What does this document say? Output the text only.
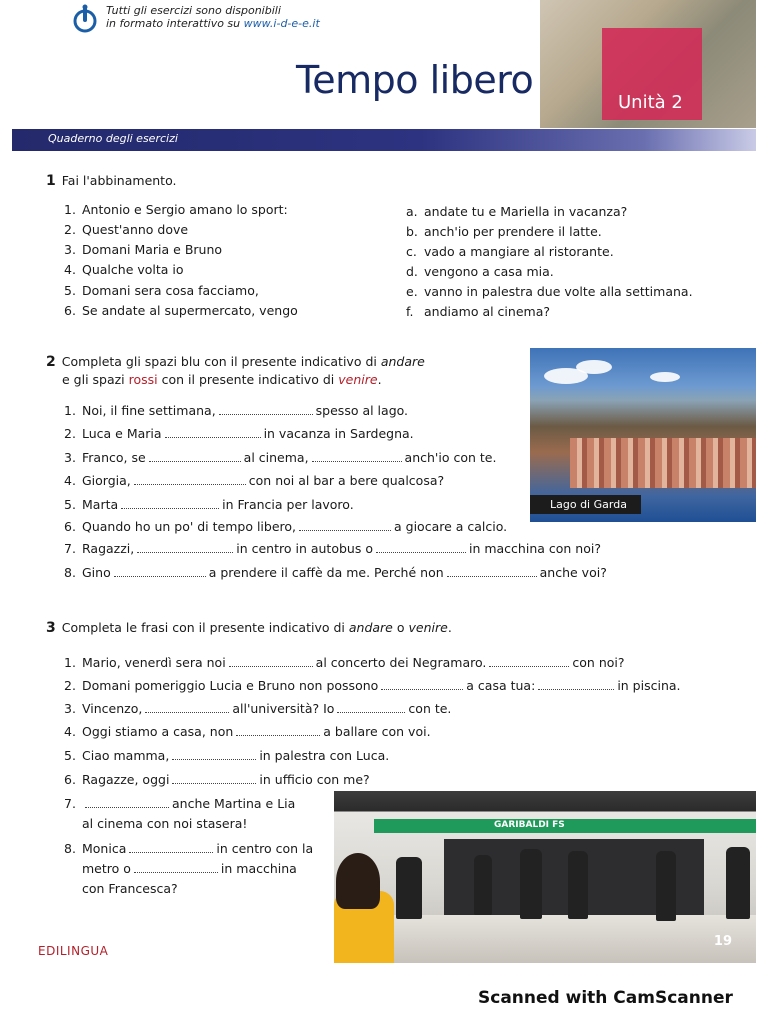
Tutti gli esercizi sono disponibili
in formato interattivo su www.i-d-e-e.it
Tempo libero
Unità 2
Quaderno degli esercizi
1 Fai l'abbinamento.
1. Antonio e Sergio amano lo sport:
2. Quest'anno dove
3. Domani Maria e Bruno
4. Qualche volta io
5. Domani sera cosa facciamo,
6. Se andate al supermercato, vengo
a. andate tu e Mariella in vacanza?
b. anch'io per prendere il latte.
c. vado a mangiare al ristorante.
d. vengono a casa mia.
e. vanno in palestra due volte alla settimana.
f. andiamo al cinema?
2 Completa gli spazi blu con il presente indicativo di andare
e gli spazi rossi con il presente indicativo di venire.
1. Noi, il fine settimana,	spesso al lago.
2. Luca e Maria	in vacanza in Sardegna.
3. Franco, se	al cinema,	anch'io con te.
4. Giorgia,	con noi al bar a bere qualcosa?
5. Marta	in Francia per lavoro.
6. Quando ho un po' di tempo libero,	a giocare a calcio.
7. Ragazzi,	in centro in autobus o	in macchina con noi?
8. Gino	a prendere il caffè da me. Perché non	anche voi?
Lago di Garda
3 Completa le frasi con il presente indicativo di andare o venire.
1. Mario, venerdì sera noi	al concerto dei Negramaro.	con noi?
2. Domani pomeriggio Lucia e Bruno non possono	a casa tua:	in piscina.
3. Vincenzo,	all'università? Io	con te.
4. Oggi stiamo a casa, non	a ballare con voi.
5. Ciao mamma,	in palestra con Luca.
6. Ragazze, oggi	in ufficio con me?
7.	anche Martina e Lia
al cinema con noi stasera!
8. Monica	in centro con la
metro o	in macchina
con Francesca?
GARIBALDI FS
19
EDILINGUA
Scanned with CamScanner
